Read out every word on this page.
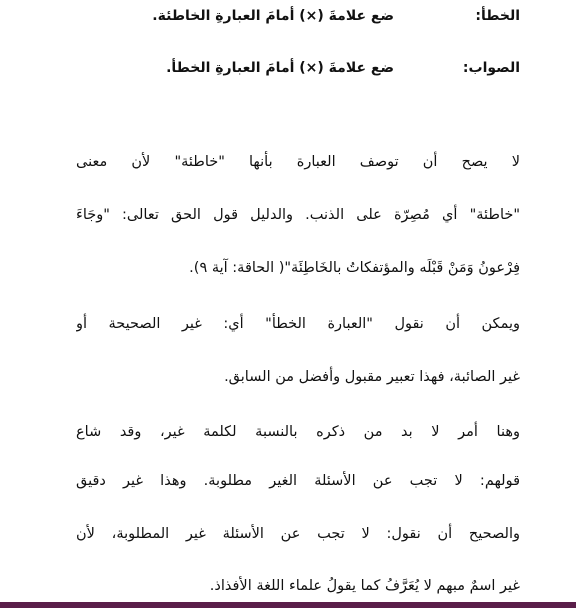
الخطأ:ضع علامةَ (×) أمامَ العبارةِ الخاطئة.
الصواب:ضع علامةَ (×) أمامَ العبارةِ الخطأ.
لا يصح أن توصف العبارة بأنها "خاطئة" لأن معنى
"خاطئة" أي مُصِرّة على الذنب. والدليل قول الحق تعالى: "وجَاءَ
فِرْعونُ وَمَنْ قَبْلَه والمؤتفكاتُ بالخَاطِئَة"( الحاقة: آية ٩).
ويمكن أن نقول "العبارة الخطأ" أي: غير الصحيحة أو
غير الصائبة، فهذا تعبير مقبول وأفضل من السابق.
وهنا أمر لا بد من ذكره بالنسبة لكلمة غير، وقد شاع
قولهم: لا تجب عن الأسئلة الغير مطلوبة. وهذا غير دقيق
والصحيح أن نقول: لا تجب عن الأسئلة غير المطلوبة، لأن
غير اسمٌ مبهم لا يُعَرَّفُ كما يقولُ علماء اللغة الأفذاذ.
